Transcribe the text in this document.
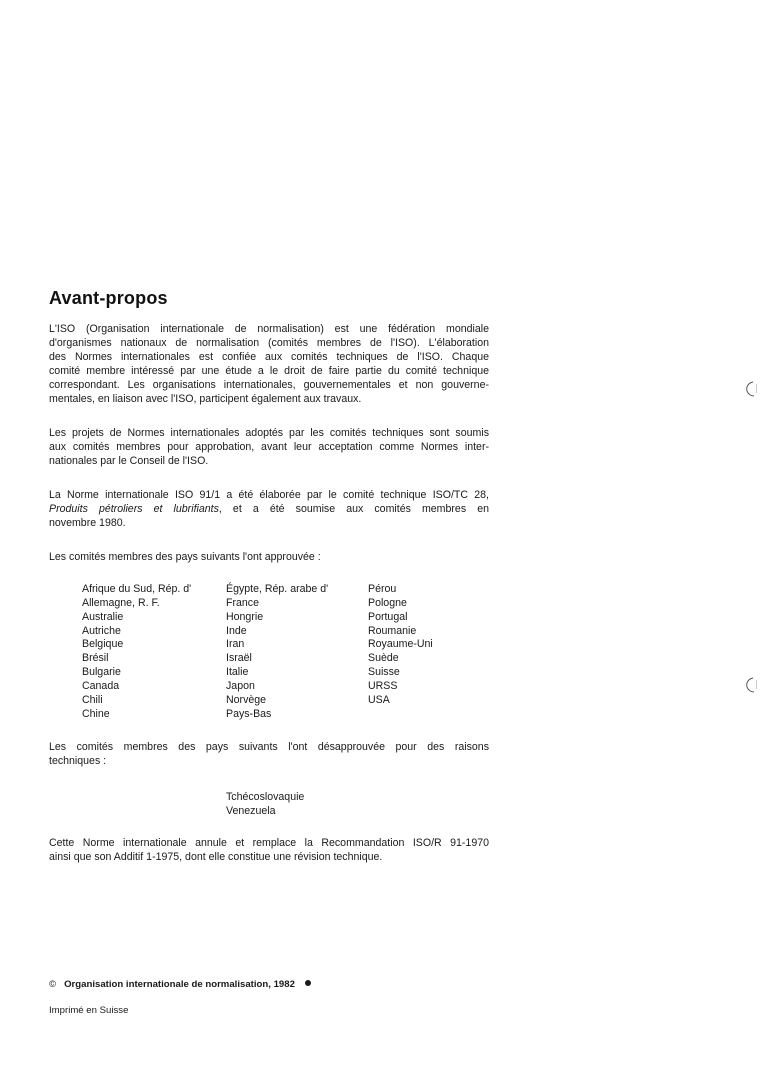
Avant-propos
L'ISO (Organisation internationale de normalisation) est une fédération mondiale
d'organismes nationaux de normalisation (comités membres de l'ISO). L'élaboration
des Normes internationales est confiée aux comités techniques de l'ISO. Chaque
comité membre intéressé par une étude a le droit de faire partie du comité technique
correspondant. Les organisations internationales, gouvernementales et non gouverne-
mentales, en liaison avec l'ISO, participent également aux travaux.
Les projets de Normes internationales adoptés par les comités techniques sont soumis
aux comités membres pour approbation, avant leur acceptation comme Normes inter-
nationales par le Conseil de l'ISO.
La Norme internationale ISO 91/1 a été élaborée par le comité technique ISO/TC 28,
Produits pétroliers et lubrifiants, et a été soumise aux comités membres en
novembre 1980.
Les comités membres des pays suivants l'ont approuvée :
Afrique du Sud, Rép. d'
Allemagne, R. F.
Australie
Autriche
Belgique
Brésil
Bulgarie
Canada
Chili
Chine
Égypte, Rép. arabe d'
France
Hongrie
Inde
Iran
Israël
Italie
Japon
Norvège
Pays-Bas
Pérou
Pologne
Portugal
Roumanie
Royaume-Uni
Suède
Suisse
URSS
USA
Les comités membres des pays suivants l'ont désapprouvée pour des raisons
techniques :
Tchécoslovaquie
Venezuela
Cette Norme internationale annule et remplace la Recommandation ISO/R 91-1970
ainsi que son Additif 1-1975, dont elle constitue une révision technique.
© Organisation internationale de normalisation, 1982
Imprimé en Suisse
